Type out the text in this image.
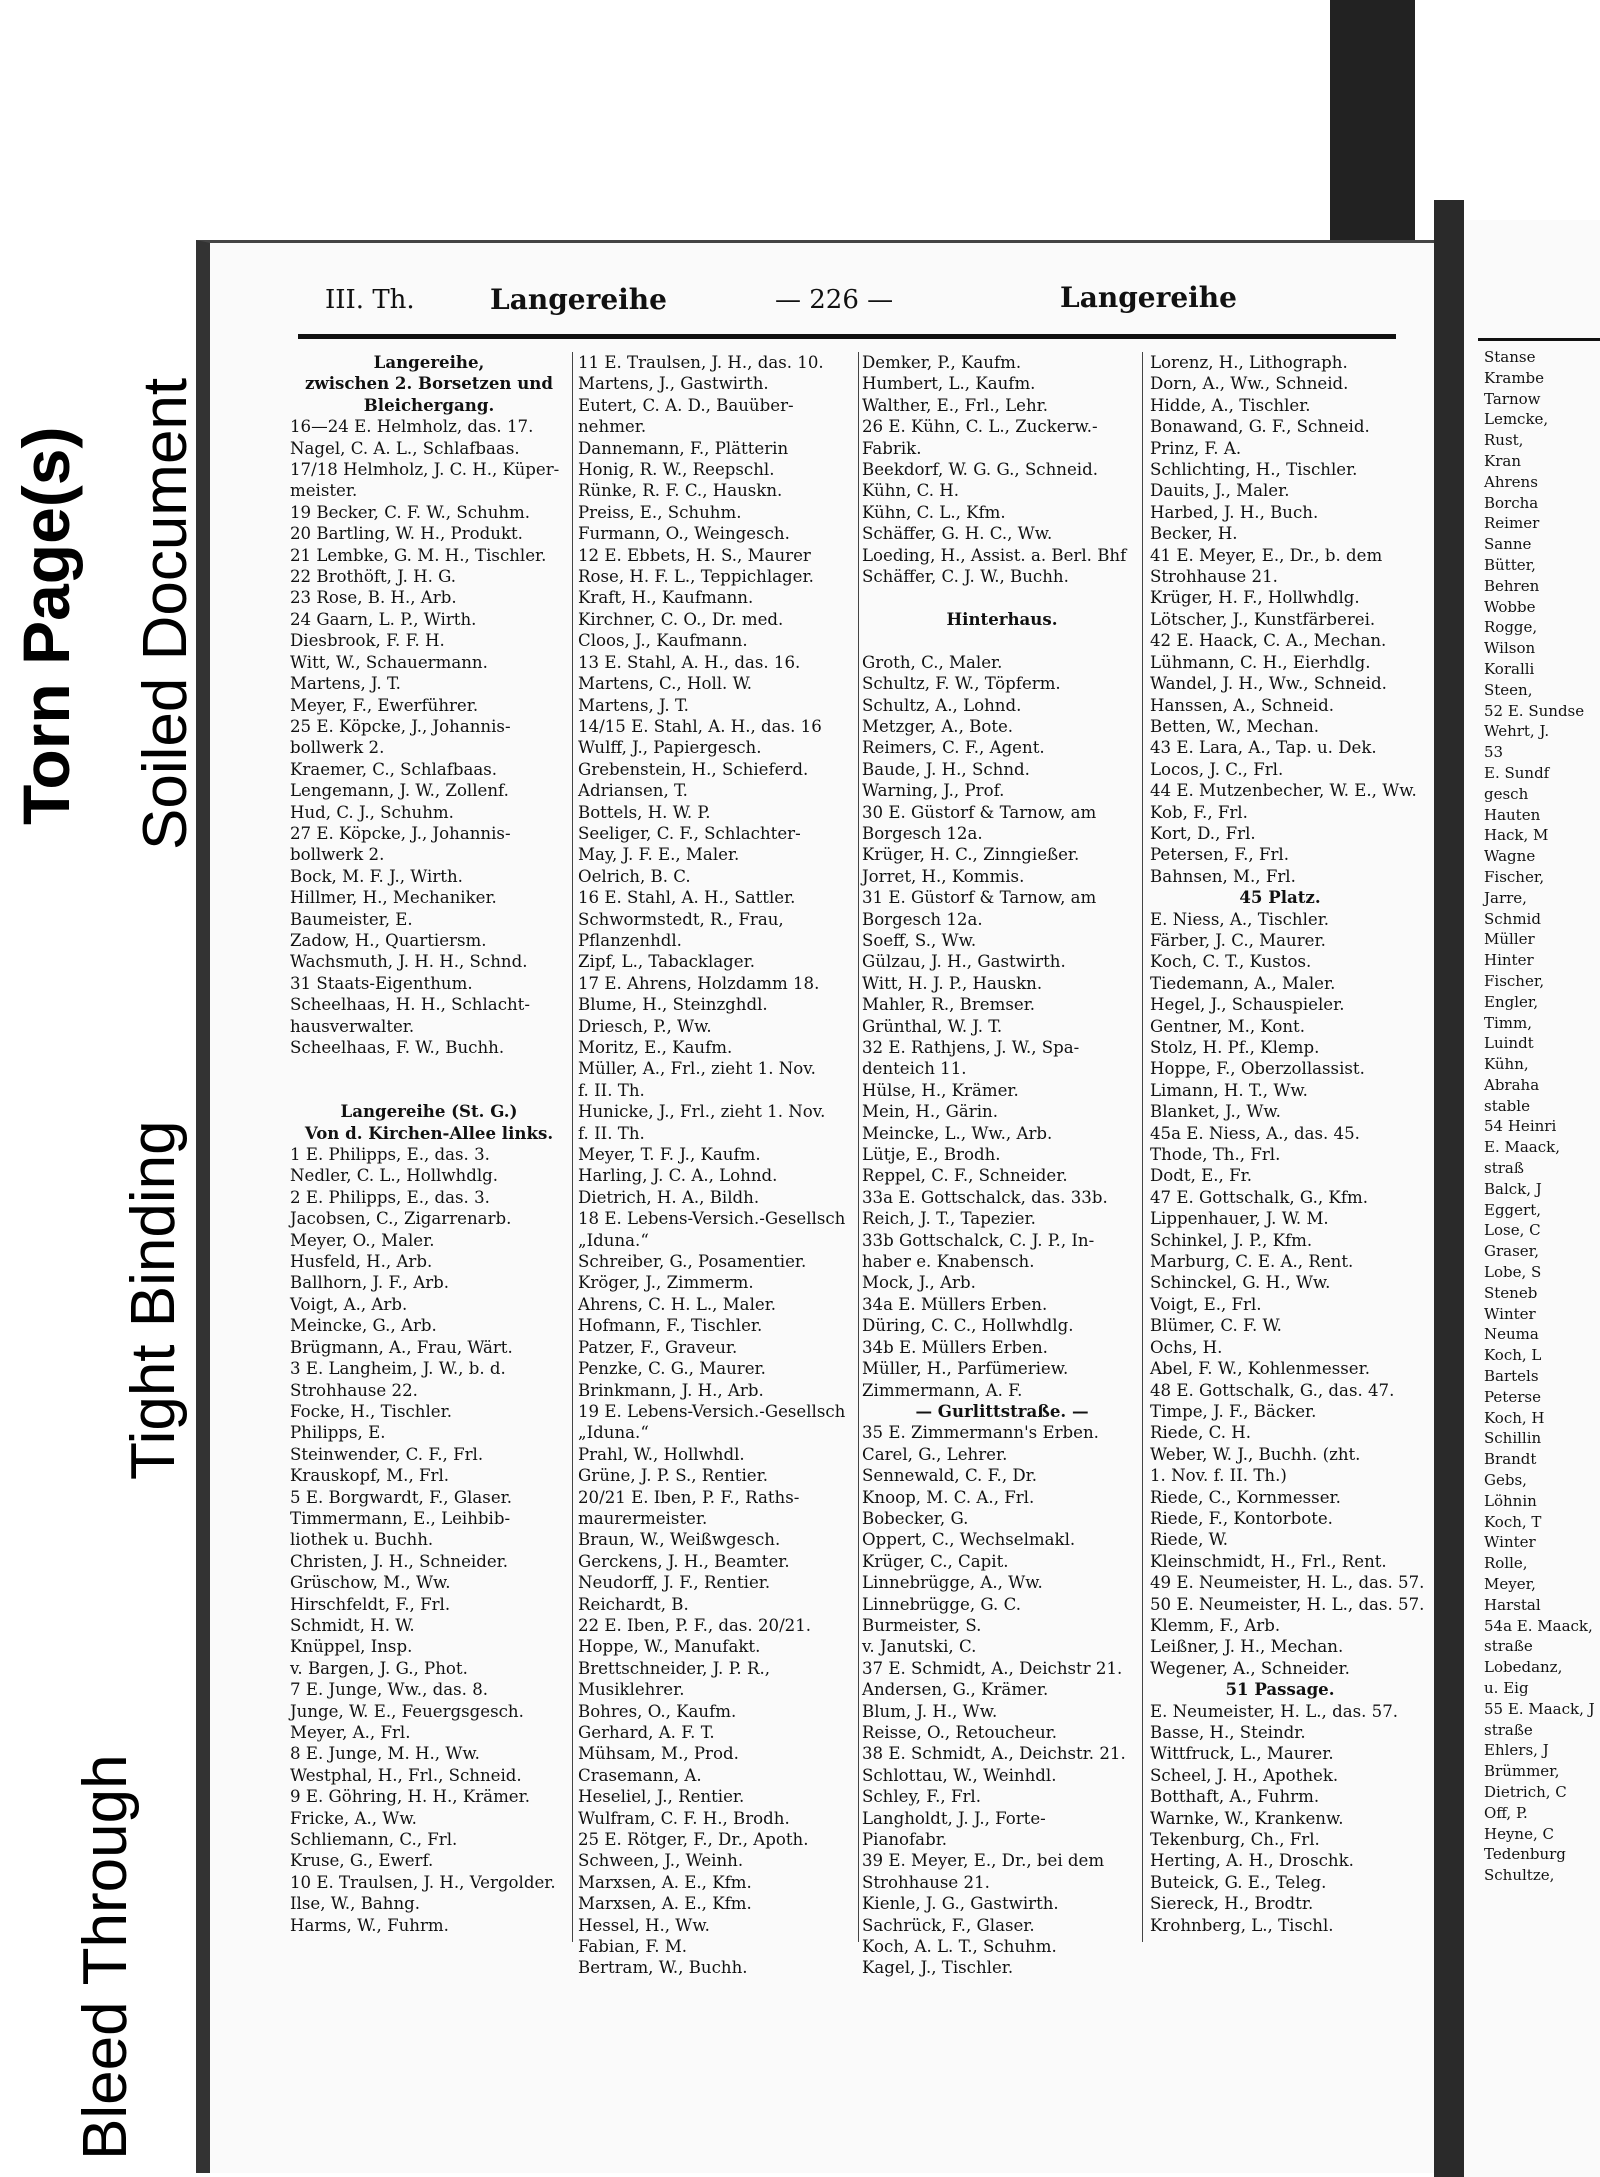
Stanse
Krambe
Tarnow
Lemcke,
Rust,
Kran
Ahrens
Borcha
Reimer
Sanne
Bütter,
Behren
Wobbe
Rogge,
Wilson
Koralli
Steen,
52 E. Sundse
Wehrt, J.
53
E. Sundf
gesch
Hauten
Hack, M
Wagne
Fischer,
Jarre,
Schmid
Müller
Hinter
Fischer,
Engler,
Timm,
Luindt
Kühn,
Abraha
stable
54 Heinri
E. Maack,
straß
Balck, J
Eggert,
Lose, C
Graser,
Lobe, S
Steneb
Winter
Neuma
Koch, L
Bartels
Peterse
Koch, H
Schillin
Brandt
Gebs,
Löhnin
Koch, T
Winter
Rolle,
Meyer,
Harstal
54a E. Maack,
straße
Lobedanz,
u. Eig
55 E. Maack, J
straße
Ehlers, J
Brümmer,
Dietrich, C
Off, P.
Heyne, C
Tedenburg
Schultze,
Torn Page(s) Soiled Document
Tight Binding
Bleed Through
III. Th.	Langereihe	— 226 —	Langereihe
Langereihe,
zwischen 2. Borsetzen und
Bleichergang.
16—24 E. Helmholz, das. 17.
Nagel, C. A. L., Schlafbaas.
17/18 Helmholz, J. C. H., Küper-
meister.
19 Becker, C. F. W., Schuhm.
20 Bartling, W. H., Produkt.
21 Lembke, G. M. H., Tischler.
22 Brothöft, J. H. G.
23 Rose, B. H., Arb.
24 Gaarn, L. P., Wirth.
Diesbrook, F. F. H.
Witt, W., Schauermann.
Martens, J. T.
Meyer, F., Ewerführer.
25 E. Köpcke, J., Johannis-
bollwerk 2.
Kraemer, C., Schlafbaas.
Lengemann, J. W., Zollenf.
Hud, C. J., Schuhm.
27 E. Köpcke, J., Johannis-
bollwerk 2.
Bock, M. F. J., Wirth.
Hillmer, H., Mechaniker.
Baumeister, E.
Zadow, H., Quartiersm.
Wachsmuth, J. H. H., Schnd.
31 Staats-Eigenthum.
Scheelhaas, H. H., Schlacht-
hausverwalter.
Scheelhaas, F. W., Buchh.

Langereihe (St. G.)
Von d. Kirchen-Allee links.
1 E. Philipps, E., das. 3.
Nedler, C. L., Hollwhdlg.
2 E. Philipps, E., das. 3.
Jacobsen, C., Zigarrenarb.
Meyer, O., Maler.
Husfeld, H., Arb.
Ballhorn, J. F., Arb.
Voigt, A., Arb.
Meincke, G., Arb.
Brügmann, A., Frau, Wärt.
3 E. Langheim, J. W., b. d.
Strohhause 22.
Focke, H., Tischler.
Philipps, E.
Steinwender, C. F., Frl.
Krauskopf, M., Frl.
5 E. Borgwardt, F., Glaser.
Timmermann, E., Leihbib-
liothek u. Buchh.
Christen, J. H., Schneider.
Grüschow, M., Ww.
Hirschfeldt, F., Frl.
Schmidt, H. W.
Knüppel, Insp.
v. Bargen, J. G., Phot.
7 E. Junge, Ww., das. 8.
Junge, W. E., Feuergsgesch.
Meyer, A., Frl.
8 E. Junge, M. H., Ww.
Westphal, H., Frl., Schneid.
9 E. Göhring, H. H., Krämer.
Fricke, A., Ww.
Schliemann, C., Frl.
Kruse, G., Ewerf.
10 E. Traulsen, J. H., Vergolder.
Ilse, W., Bahng.
Harms, W., Fuhrm.
11 E. Traulsen, J. H., das. 10.
Martens, J., Gastwirth.
Eutert, C. A. D., Bauüber-
nehmer.
Dannemann, F., Plätterin
Honig, R. W., Reepschl.
Rünke, R. F. C., Hauskn.
Preiss, E., Schuhm.
Furmann, O., Weingesch.
12 E. Ebbets, H. S., Maurer
Rose, H. F. L., Teppichlager.
Kraft, H., Kaufmann.
Kirchner, C. O., Dr. med.
Cloos, J., Kaufmann.
13 E. Stahl, A. H., das. 16.
Martens, C., Holl. W.
Martens, J. T.
14/15 E. Stahl, A. H., das. 16
Wulff, J., Papiergesch.
Grebenstein, H., Schieferd.
Adriansen, T.
Bottels, H. W. P.
Seeliger, C. F., Schlachter-
May, J. F. E., Maler.
Oelrich, B. C.
16 E. Stahl, A. H., Sattler.
Schwormstedt, R., Frau,
Pflanzenhdl.
Zipf, L., Tabacklager.
17 E. Ahrens, Holzdamm 18.
Blume, H., Steinzghdl.
Driesch, P., Ww.
Moritz, E., Kaufm.
Müller, A., Frl., zieht 1. Nov.
f. II. Th.
Hunicke, J., Frl., zieht 1. Nov.
f. II. Th.
Meyer, T. F. J., Kaufm.
Harling, J. C. A., Lohnd.
Dietrich, H. A., Bildh.
18 E. Lebens-Versich.-Gesellsch
„Iduna.“
Schreiber, G., Posamentier.
Kröger, J., Zimmerm.
Ahrens, C. H. L., Maler.
Hofmann, F., Tischler.
Patzer, F., Graveur.
Penzke, C. G., Maurer.
Brinkmann, J. H., Arb.
19 E. Lebens-Versich.-Gesellsch
„Iduna.“
Prahl, W., Hollwhdl.
Grüne, J. P. S., Rentier.
20/21 E. Iben, P. F., Raths-
maurermeister.
Braun, W., Weißwgesch.
Gerckens, J. H., Beamter.
Neudorff, J. F., Rentier.
Reichardt, B.
22 E. Iben, P. F., das. 20/21.
Hoppe, W., Manufakt.
Brettschneider, J. P. R.,
Musiklehrer.
Bohres, O., Kaufm.
Gerhard, A. F. T.
Mühsam, M., Prod.
Crasemann, A.
Heseliel, J., Rentier.
Wulfram, C. F. H., Brodh.
25 E. Rötger, F., Dr., Apoth.
Schween, J., Weinh.
Marxsen, A. E., Kfm.
Marxsen, A. E., Kfm.
Hessel, H., Ww.
Fabian, F. M.
Bertram, W., Buchh.
Demker, P., Kaufm.
Humbert, L., Kaufm.
Walther, E., Frl., Lehr.
26 E. Kühn, C. L., Zuckerw.-
Fabrik.
Beekdorf, W. G. G., Schneid.
Kühn, C. H.
Kühn, C. L., Kfm.
Schäffer, G. H. C., Ww.
Loeding, H., Assist. a. Berl. Bhf
Schäffer, C. J. W., Buchh.

Hinterhaus.

Groth, C., Maler.
Schultz, F. W., Töpferm.
Schultz, A., Lohnd.
Metzger, A., Bote.
Reimers, C. F., Agent.
Baude, J. H., Schnd.
Warning, J., Prof.
30 E. Güstorf & Tarnow, am
Borgesch 12a.
Krüger, H. C., Zinngießer.
Jorret, H., Kommis.
31 E. Güstorf & Tarnow, am
Borgesch 12a.
Soeff, S., Ww.
Gülzau, J. H., Gastwirth.
Witt, H. J. P., Hauskn.
Mahler, R., Bremser.
Grünthal, W. J. T.
32 E. Rathjens, J. W., Spa-
denteich 11.
Hülse, H., Krämer.
Mein, H., Gärin.
Meincke, L., Ww., Arb.
Lütje, E., Brodh.
Reppel, C. F., Schneider.
33a E. Gottschalck, das. 33b.
Reich, J. T., Tapezier.
33b Gottschalck, C. J. P., In-
haber e. Knabensch.
Mock, J., Arb.
34a E. Müllers Erben.
Düring, C. C., Hollwhdlg.
34b E. Müllers Erben.
Müller, H., Parfümeriew.
Zimmermann, A. F.
— Gurlittstraße. —
35 E. Zimmermann's Erben.
Carel, G., Lehrer.
Sennewald, C. F., Dr.
Knoop, M. C. A., Frl.
Bobecker, G.
Oppert, C., Wechselmakl.
Krüger, C., Capit.
Linnebrügge, A., Ww.
Linnebrügge, G. C.
Burmeister, S.
v. Janutski, C.
37 E. Schmidt, A., Deichstr 21.
Andersen, G., Krämer.
Blum, J. H., Ww.
Reisse, O., Retoucheur.
38 E. Schmidt, A., Deichstr. 21.
Schlottau, W., Weinhdl.
Schley, F., Frl.
Langholdt, J. J., Forte-
Pianofabr.
39 E. Meyer, E., Dr., bei dem
Strohhause 21.
Kienle, J. G., Gastwirth.
Sachrück, F., Glaser.
Koch, A. L. T., Schuhm.
Kagel, J., Tischler.
Lorenz, H., Lithograph.
Dorn, A., Ww., Schneid.
Hidde, A., Tischler.
Bonawand, G. F., Schneid.
Prinz, F. A.
Schlichting, H., Tischler.
Dauits, J., Maler.
Harbed, J. H., Buch.
Becker, H.
41 E. Meyer, E., Dr., b. dem
Strohhause 21.
Krüger, H. F., Hollwhdlg.
Lötscher, J., Kunstfärberei.
42 E. Haack, C. A., Mechan.
Lühmann, C. H., Eierhdlg.
Wandel, J. H., Ww., Schneid.
Hanssen, A., Schneid.
Betten, W., Mechan.
43 E. Lara, A., Tap. u. Dek.
Locos, J. C., Frl.
44 E. Mutzenbecher, W. E., Ww.
Kob, F., Frl.
Kort, D., Frl.
Petersen, F., Frl.
Bahnsen, M., Frl.
45 Platz.
E. Niess, A., Tischler.
Färber, J. C., Maurer.
Koch, C. T., Kustos.
Tiedemann, A., Maler.
Hegel, J., Schauspieler.
Gentner, M., Kont.
Stolz, H. Pf., Klemp.
Hoppe, F., Oberzollassist.
Limann, H. T., Ww.
Blanket, J., Ww.
45a E. Niess, A., das. 45.
Thode, Th., Frl.
Dodt, E., Fr.
47 E. Gottschalk, G., Kfm.
Lippenhauer, J. W. M.
Schinkel, J. P., Kfm.
Marburg, C. E. A., Rent.
Schinckel, G. H., Ww.
Voigt, E., Frl.
Blümer, C. F. W.
Ochs, H.
Abel, F. W., Kohlenmesser.
48 E. Gottschalk, G., das. 47.
Timpe, J. F., Bäcker.
Riede, C. H.
Weber, W. J., Buchh. (zht.
1. Nov. f. II. Th.)
Riede, C., Kornmesser.
Riede, F., Kontorbote.
Riede, W.
Kleinschmidt, H., Frl., Rent.
49 E. Neumeister, H. L., das. 57.
50 E. Neumeister, H. L., das. 57.
Klemm, F., Arb.
Leißner, J. H., Mechan.
Wegener, A., Schneider.
51 Passage.
E. Neumeister, H. L., das. 57.
Basse, H., Steindr.
Wittfruck, L., Maurer.
Scheel, J. H., Apothek.
Botthaft, A., Fuhrm.
Warnke, W., Krankenw.
Tekenburg, Ch., Frl.
Herting, A. H., Droschk.
Buteick, G. E., Teleg.
Siereck, H., Brodtr.
Krohnberg, L., Tischl.
